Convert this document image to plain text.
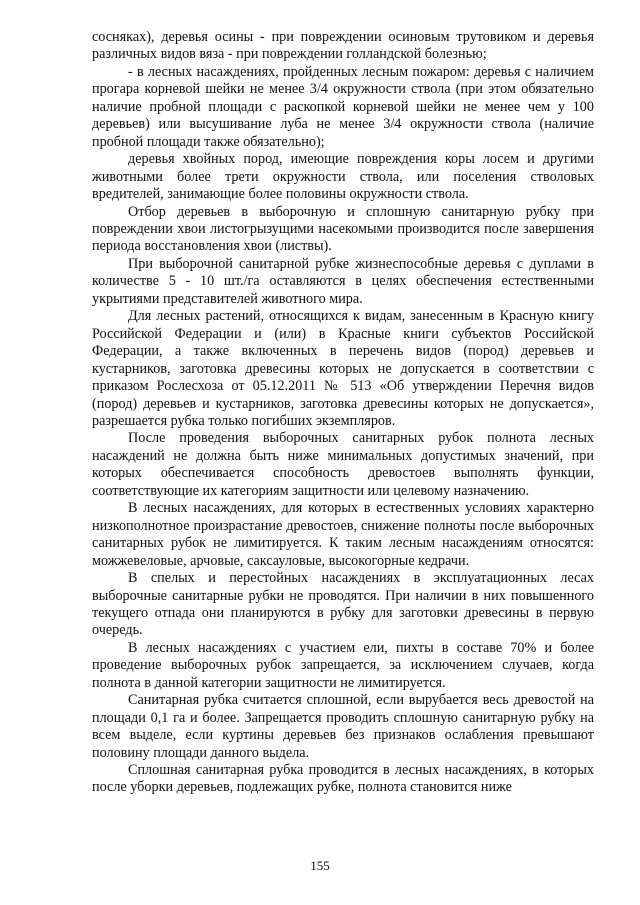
сосняках), деревья осины - при повреждении осиновым трутовиком и деревья различных видов вяза - при повреждении голландской болезнью;

- в лесных насаждениях, пройденных лесным пожаром: деревья с наличием прогара корневой шейки не менее 3/4 окружности ствола (при этом обязательно наличие пробной площади с раскопкой корневой шейки не менее чем у 100 деревьев) или высушивание луба не менее 3/4 окружности ствола (наличие пробной площади также обязательно);

деревья хвойных пород, имеющие повреждения коры лосем и другими животными более трети окружности ствола, или поселения стволовых вредителей, занимающие более половины окружности ствола.

Отбор деревьев в выборочную и сплошную санитарную рубку при повреждении хвои листогрызущими насекомыми производится после завершения периода восстановления хвои (листвы).

При выборочной санитарной рубке жизнеспособные деревья с дуплами в количестве 5 - 10 шт./га оставляются в целях обеспечения естественными укрытиями представителей животного мира.

Для лесных растений, относящихся к видам, занесенным в Красную книгу Российской Федерации и (или) в Красные книги субъектов Российской Федерации, а также включенных в перечень видов (пород) деревьев и кустарников, заготовка древесины которых не допускается в соответствии с приказом Рослесхоза от 05.12.2011 № 513 «Об утверждении Перечня видов (пород) деревьев и кустарников, заготовка древесины которых не допускается», разрешается рубка только погибших экземпляров.

После проведения выборочных санитарных рубок полнота лесных насаждений не должна быть ниже минимальных допустимых значений, при которых обеспечивается способность древостоев выполнять функции, соответствующие их категориям защитности или целевому назначению.

В лесных насаждениях, для которых в естественных условиях характерно низкополнотное произрастание древостоев, снижение полноты после выборочных санитарных рубок не лимитируется. К таким лесным насаждениям относятся: можжевеловые, арчовые, саксауловые, высокогорные кедрачи.

В спелых и перестойных насаждениях в эксплуатационных лесах выборочные санитарные рубки не проводятся. При наличии в них повышенного текущего отпада они планируются в рубку для заготовки древесины в первую очередь.

В лесных насаждениях с участием ели, пихты в составе 70% и более проведение выборочных рубок запрещается, за исключением случаев, когда полнота в данной категории защитности не лимитируется.

Санитарная рубка считается сплошной, если вырубается весь древостой на площади 0,1 га и более. Запрещается проводить сплошную санитарную рубку на всем выделе, если куртины деревьев без признаков ослабления превышают половину площади данного выдела.

Сплошная санитарная рубка проводится в лесных насаждениях, в которых после уборки деревьев, подлежащих рубке, полнота становится ниже

155
